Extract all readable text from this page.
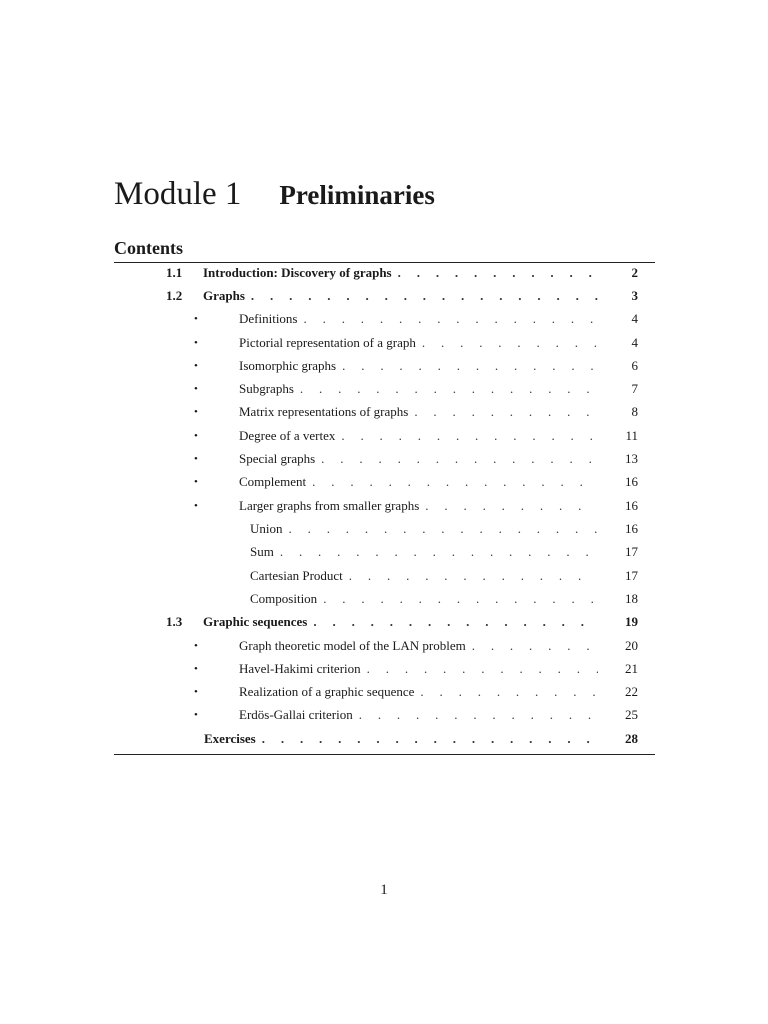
Module 1 Preliminaries
Contents
1.1 Introduction: Discovery of graphs . . .	2
1.2 Graphs . . .	3
•	Definitions . . .	4
•	Pictorial representation of a graph . . .	4
•	Isomorphic graphs . . .	6
•	Subgraphs . . .	7
•	Matrix representations of graphs . . .	8
•	Degree of a vertex . . .	11
•	Special graphs . . .	13
•	Complement . . .	16
•	Larger graphs from smaller graphs . . .	16
Union . . .	16
Sum . . .	17
Cartesian Product . . .	17
Composition . . .	18
1.3 Graphic sequences . . .	19
•	Graph theoretic model of the LAN problem . . .	20
•	Havel-Hakimi criterion . . .	21
•	Realization of a graphic sequence . . .	22
•	Erdös-Gallai criterion . . .	25
Exercises . . .	28
1
